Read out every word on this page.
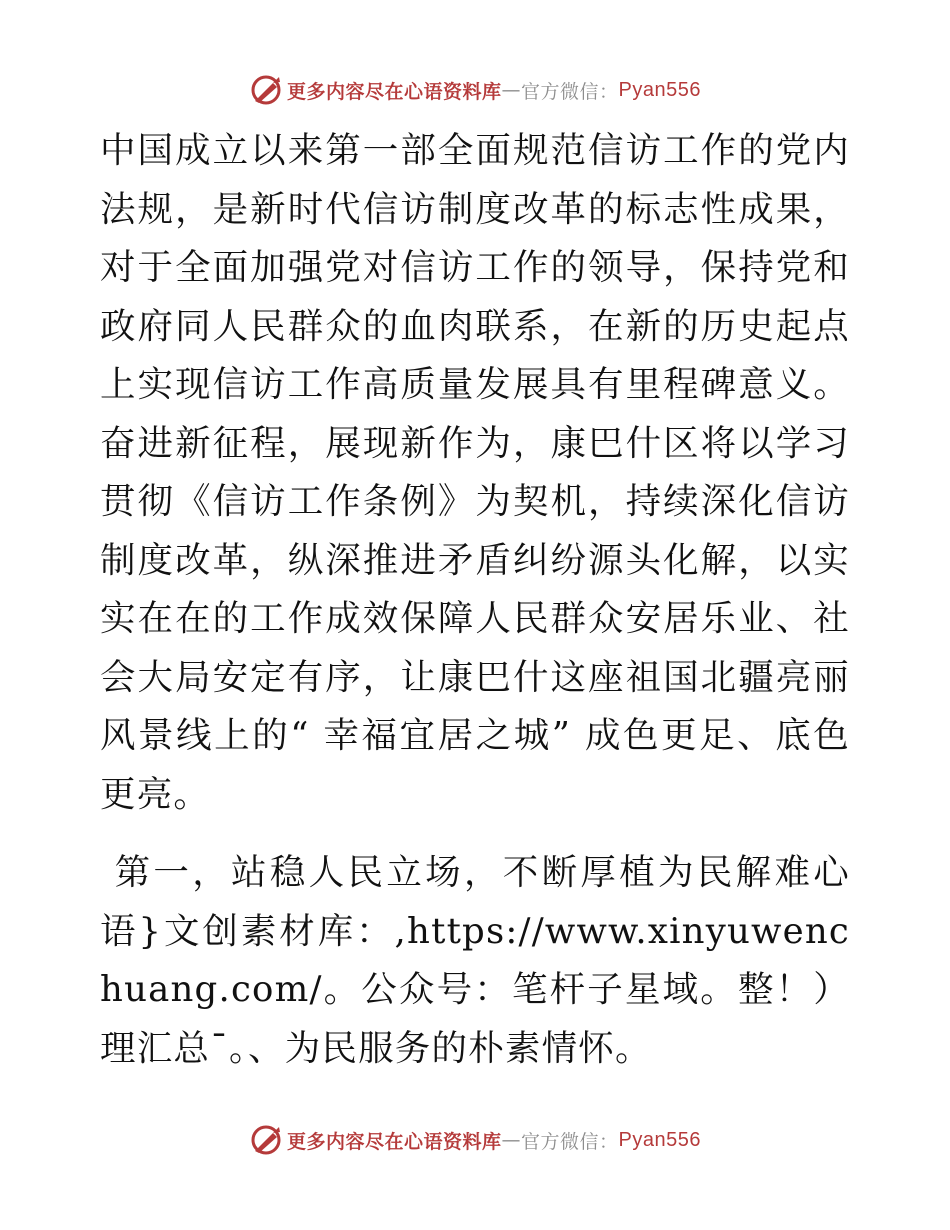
更多内容尽在心语资料库 — 官方微信： Pyan556

中国成立以来第一部全面规范信访工作的党内法规，是新时代信访制度改革的标志性成果，对于全面加强党对信访工作的领导，保持党和政府同人民群众的血肉联系，在新的历史起点上实现信访工作高质量发展具有里程碑意义。奋进新征程，展现新作为，康巴什区将以学习贯彻《信访工作条例》为契机，持续深化信访制度改革，纵深推进矛盾纠纷源头化解，以实实在在的工作成效保障人民群众安居乐业、社会大局安定有序，让康巴什这座祖国北疆亮丽风景线上的“ 幸福宜居之城” 成色更足、底色更亮。

第一，站稳人民立场，不断厚植为民解难心语}文创素材库：,https://www.xinyuwenchuang.com/。公众号：笔杆子星域。整！）理汇总¯。、为民服务的朴素情怀。

更多内容尽在心语资料库 — 官方微信： Pyan556
